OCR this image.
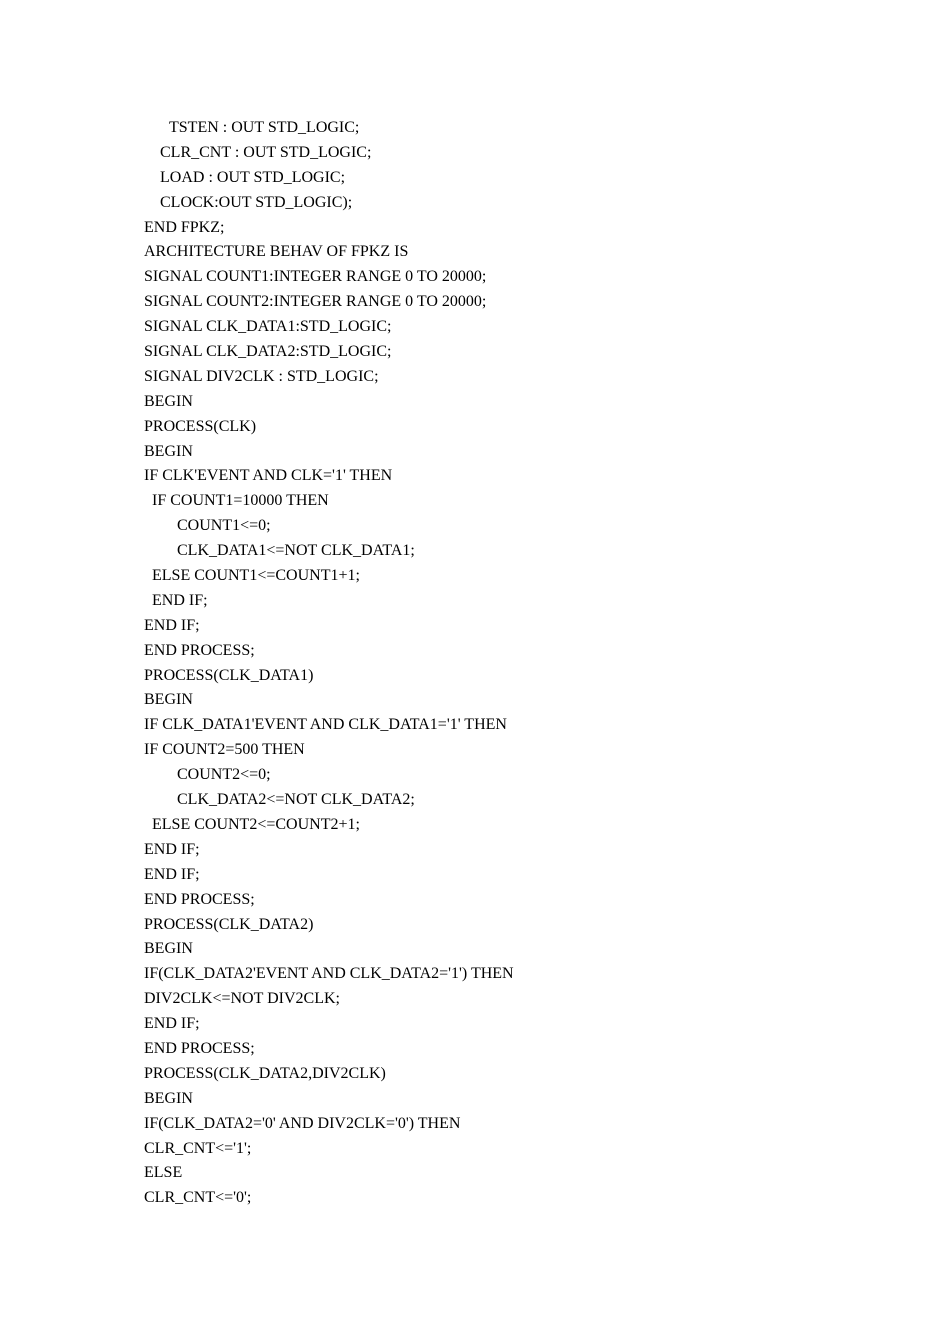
TSTEN : OUT STD_LOGIC;
CLR_CNT : OUT STD_LOGIC;
LOAD : OUT STD_LOGIC;
CLOCK:OUT STD_LOGIC);
END FPKZ;
ARCHITECTURE BEHAV OF FPKZ IS
SIGNAL COUNT1:INTEGER RANGE 0 TO 20000;
SIGNAL COUNT2:INTEGER RANGE 0 TO 20000;
SIGNAL CLK_DATA1:STD_LOGIC;
SIGNAL CLK_DATA2:STD_LOGIC;
SIGNAL DIV2CLK : STD_LOGIC;
BEGIN
PROCESS(CLK)
BEGIN
IF CLK'EVENT AND CLK='1' THEN
IF COUNT1=10000 THEN
COUNT1<=0;
CLK_DATA1<=NOT CLK_DATA1;
ELSE COUNT1<=COUNT1+1;
END IF;
END IF;
END PROCESS;
PROCESS(CLK_DATA1)
BEGIN
IF CLK_DATA1'EVENT AND CLK_DATA1='1' THEN
IF COUNT2=500 THEN
COUNT2<=0;
CLK_DATA2<=NOT CLK_DATA2;
ELSE COUNT2<=COUNT2+1;
END IF;
END IF;
END PROCESS;
PROCESS(CLK_DATA2)
BEGIN
IF(CLK_DATA2'EVENT AND CLK_DATA2='1') THEN
DIV2CLK<=NOT DIV2CLK;
END IF;
END PROCESS;
PROCESS(CLK_DATA2,DIV2CLK)
BEGIN
IF(CLK_DATA2='0' AND DIV2CLK='0') THEN
CLR_CNT<='1';
ELSE
CLR_CNT<='0';
